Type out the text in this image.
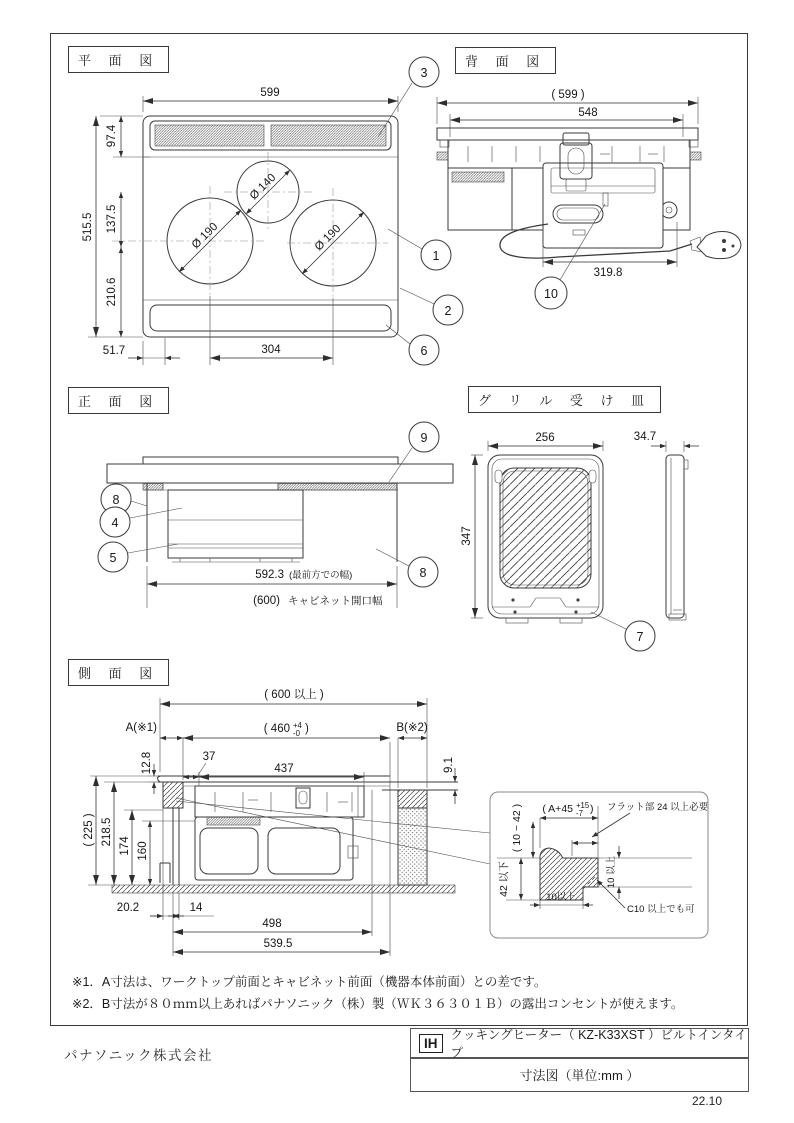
Ø 140
Ø 190	Ø 190
599
515.5
97.4
137.5
210.6
51.7	304
3
1
2
6
( 599 )
548
319.8
10
592.3 (最前方での幅)
(600) キャビネット開口幅
9
8
4
5
8
256
347
34.7
7
( 600 以上 )
A(※1)	( 460 +4
-0 )	B(※2)
12.8	37
437	9.1
( 225 ) 218.5 174 160
20.2	14
498
539.5
( A+45 +15
-7 ) フラット部 24 以上必要
( 10 ~ 42 )
42 以下	10 以上
10以上
C10 以上でも可
平 面 図	背 面 図
正 面 図	グ リ ル 受 け 皿
側 面 図
※1．A寸法は、ワークトップ前面とキャビネット前面（機器本体前面）との差です。
※2．B寸法が８０ｍｍ以上あればパナソニック（株）製（ＷＫ３６３０１Ｂ）の露出コンセントが使えます。
パナソニック株式会社
IH
クッキングヒーター（ KZ-K33XST ）ビルトインタイプ
寸法図（単位:mm ）
22.10
